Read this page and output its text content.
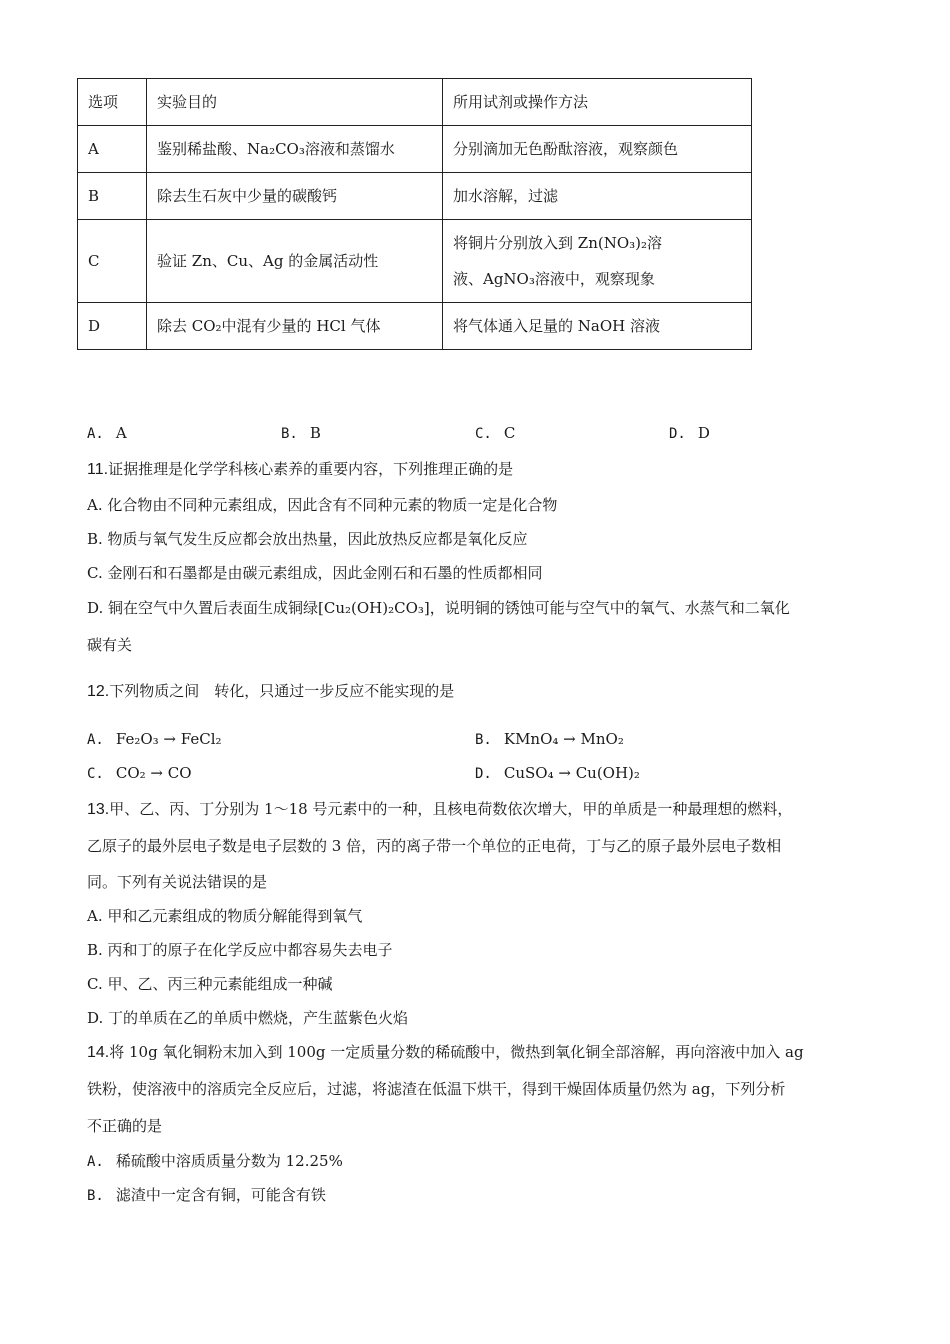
选项	实验目的	所用试剂或操作方法
A	鉴别稀盐酸、Na₂CO₃溶液和蒸馏水	分别滴加无色酚酞溶液，观察颜色
B	除去生石灰中少量的碳酸钙	加水溶解，过滤
C	验证 Zn、Cu、Ag 的金属活动性	将铜片分别放入到 Zn(NO₃)₂溶
液、AgNO₃溶液中，观察现象

D	除去 CO₂中混有少量的 HCl 气体	将气体通入足量的 NaOH 溶液
A. A	B. B	C. C	D. D
11.证据推理是化学学科核心素养的重要内容，下列推理正确的是
A. 化合物由不同种元素组成，因此含有不同种元素的物质一定是化合物
B. 物质与氧气发生反应都会放出热量，因此放热反应都是氧化反应
C. 金刚石和石墨都是由碳元素组成，因此金刚石和石墨的性质都相同
D. 铜在空气中久置后表面生成铜绿[Cu₂(OH)₂CO₃]，说明铜的锈蚀可能与空气中的氧气、水蒸气和二氧化
碳有关
12.下列物质之间　转化，只通过一步反应不能实现的是
A. Fe₂O₃ → FeCl₂	B. KMnO₄ → MnO₂
C. CO₂ → CO	D. CuSO₄ → Cu(OH)₂
13.甲、乙、丙、丁分别为 1～18 号元素中的一种，且核电荷数依次增大，甲的单质是一种最理想的燃料，
乙原子的最外层电子数是电子层数的 3 倍，丙的离子带一个单位的正电荷，丁与乙的原子最外层电子数相
同。下列有关说法错误的是
A. 甲和乙元素组成的物质分解能得到氧气
B. 丙和丁的原子在化学反应中都容易失去电子
C. 甲、乙、丙三种元素能组成一种碱
D. 丁的单质在乙的单质中燃烧，产生蓝紫色火焰
14.将 10g 氧化铜粉末加入到 100g 一定质量分数的稀硫酸中，微热到氧化铜全部溶解，再向溶液中加入 ag
铁粉，使溶液中的溶质完全反应后，过滤，将滤渣在低温下烘干，得到干燥固体质量仍然为 ag，下列分析
不正确的是
A. 稀硫酸中溶质质量分数为 12.25%
B. 滤渣中一定含有铜，可能含有铁
